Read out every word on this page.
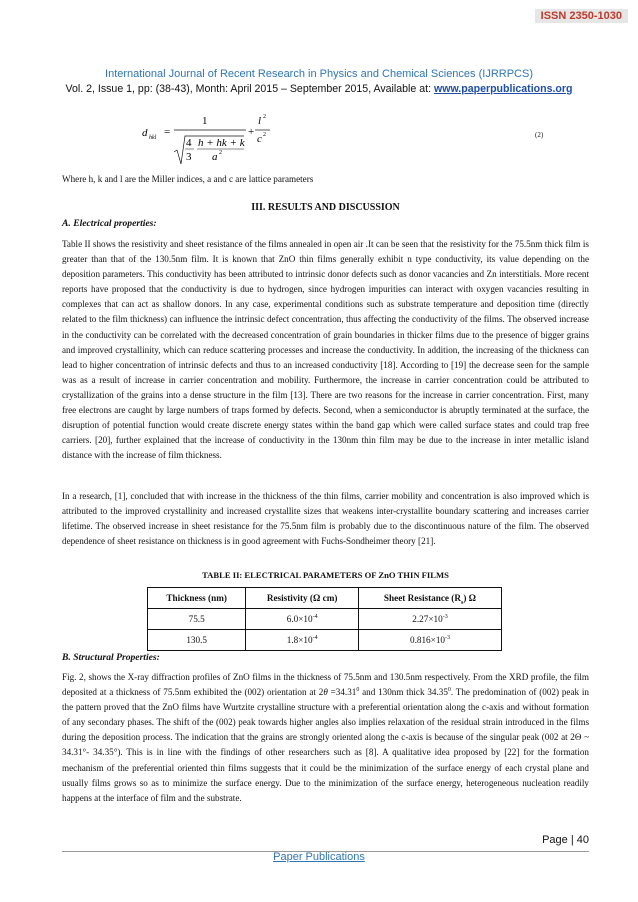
ISSN 2350-1030
International Journal of Recent Research in Physics and Chemical Sciences (IJRRPCS)
Vol. 2, Issue 1, pp: (38-43), Month: April 2015 – September 2015, Available at: www.paperpublications.org
d hkl =
1
4
3
h + hk + k
a 2
+
l 2
c 2	(2)
Where h, k and l are the Miller indices, a and c are lattice parameters
III. RESULTS AND DISCUSSION
A. Electrical properties:

Table II shows the resistivity and sheet resistance of the films annealed in open air .It can be seen that the resistivity for the 75.5nm thick film is greater than that of the 130.5nm film. It is known that ZnO thin films generally exhibit n type conductivity, its value depending on the deposition parameters. This conductivity has been attributed to intrinsic donor defects such as donor vacancies and Zn interstitials. More recent reports have proposed that the conductivity is due to hydrogen, since hydrogen impurities can interact with oxygen vacancies resulting in complexes that can act as shallow donors. In any case, experimental conditions such as substrate temperature and deposition time (directly related to the film thickness) can influence the intrinsic defect concentration, thus affecting the conductivity of the films. The observed increase in the conductivity can be correlated with the decreased concentration of grain boundaries in thicker films due to the presence of bigger grains and improved crystallinity, which can reduce scattering processes and increase the conductivity. In addition, the increasing of the thickness can lead to higher concentration of intrinsic defects and thus to an increased conductivity [18]. According to [19] the decrease seen for the sample was as a result of increase in carrier concentration and mobility. Furthermore, the increase in carrier concentration could be attributed to crystallization of the grains into a dense structure in the film [13]. There are two reasons for the increase in carrier concentration. First, many free electrons are caught by large numbers of traps formed by defects. Second, when a semiconductor is abruptly terminated at the surface, the disruption of potential function would create discrete energy states within the band gap which were called surface states and could trap free carriers. [20], further explained that the increase of conductivity in the 130nm thin film may be due to the increase in inter metallic island distance with the increase of film thickness.

In a research, [1], concluded that with increase in the thickness of the thin films, carrier mobility and concentration is also improved which is attributed to the improved crystallinity and increased crystallite sizes that weakens inter-crystallite boundary scattering and increases carrier lifetime. The observed increase in sheet resistance for the 75.5nm film is probably due to the discontinuous nature of the film. The observed dependence of sheet resistance on thickness is in good agreement with Fuchs-Sondheimer theory [21].

TABLE II: ELECTRICAL PARAMETERS OF ZnO THIN FILMS
Thickness (nm)	Resistivity (Ω cm)	Sheet Resistance $(R_s)$ Ω
75.5	$6.0\times 10^{-4}$	$2.27\times 10^{-3}$
130.5	$1.8\times 10^{-4}$	$0.816\times 10^{-3}$
B. Structural Properties:

Fig. 2, shows the X-ray diffraction profiles of ZnO films in the thickness of 75.5nm and 130.5nm respectively. From the XRD profile, the film deposited at a thickness of 75.5nm exhibited the (002) orientation at $2\theta =34.31^0$ and 130nm thick 34.35$^0$. The predomination of (002) peak in the pattern proved that the ZnO films have Wurtzite crystalline structure with a preferential orientation along the c-axis and without formation of any secondary phases. The shift of the (002) peak towards higher angles also implies relaxation of the residual strain introduced in the films during the deposition process. The indication that the grains are strongly oriented along the c-axis is because of the singular peak (002 at 2Θ ~ 34.31°- 34.35°). This is in line with the findings of other researchers such as [8]. A qualitative idea proposed by [22] for the formation mechanism of the preferential oriented thin films suggests that it could be the minimization of the surface energy of each crystal plane and usually films grows so as to minimize the surface energy. Due to the minimization of the surface energy, heterogeneous nucleation readily happens at the interface of film and the substrate.

Page | 40
Paper Publications
